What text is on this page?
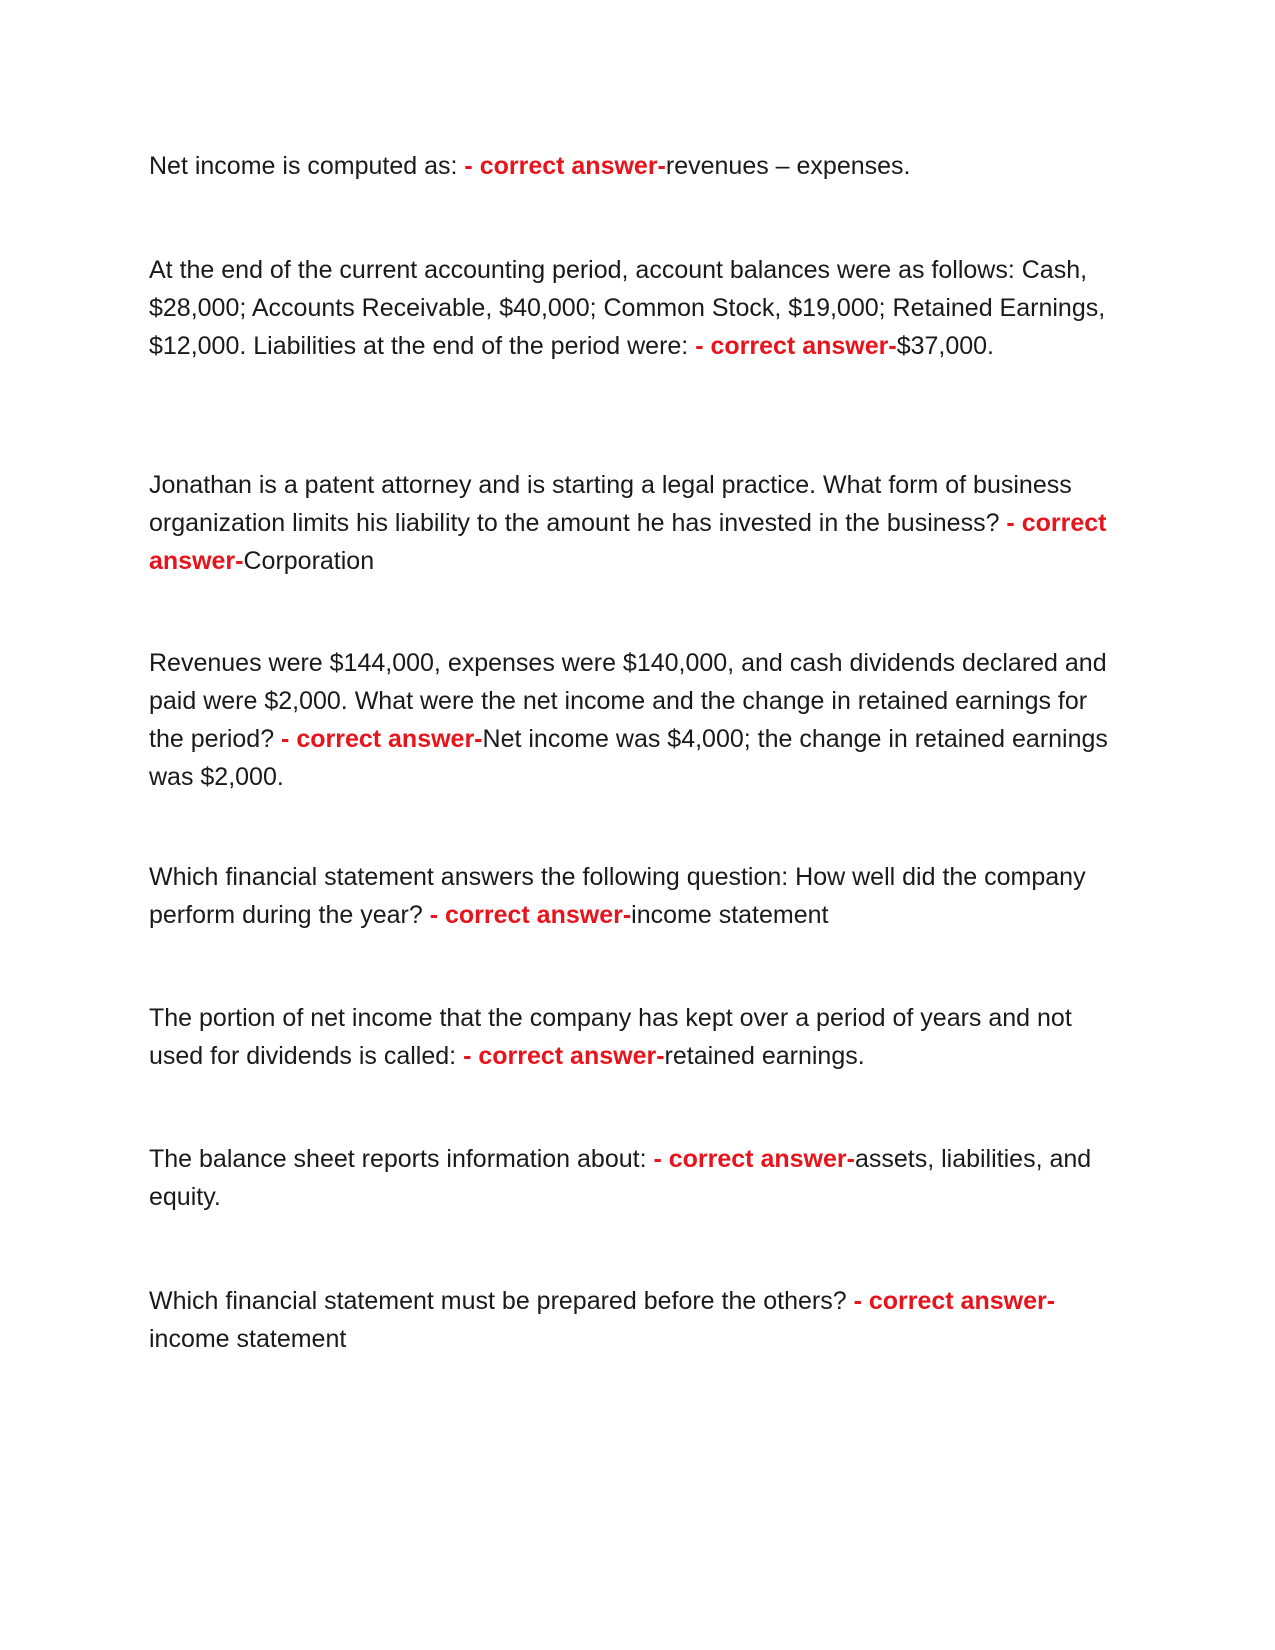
Net income is computed as: - correct answer-revenues – expenses.

At the end of the current accounting period, account balances were as follows: Cash, $28,000; Accounts Receivable, $40,000; Common Stock, $19,000; Retained Earnings, $12,000. Liabilities at the end of the period were: - correct answer-$37,000.

Jonathan is a patent attorney and is starting a legal practice. What form of business organization limits his liability to the amount he has invested in the business? - correct answer-Corporation

Revenues were $144,000, expenses were $140,000, and cash dividends declared and paid were $2,000. What were the net income and the change in retained earnings for the period? - correct answer-Net income was $4,000; the change in retained earnings was $2,000.

Which financial statement answers the following question: How well did the company perform during the year? - correct answer-income statement

The portion of net income that the company has kept over a period of years and not used for dividends is called: - correct answer-retained earnings.

The balance sheet reports information about: - correct answer-assets, liabilities, and equity.

Which financial statement must be prepared before the others? - correct answer-income statement
